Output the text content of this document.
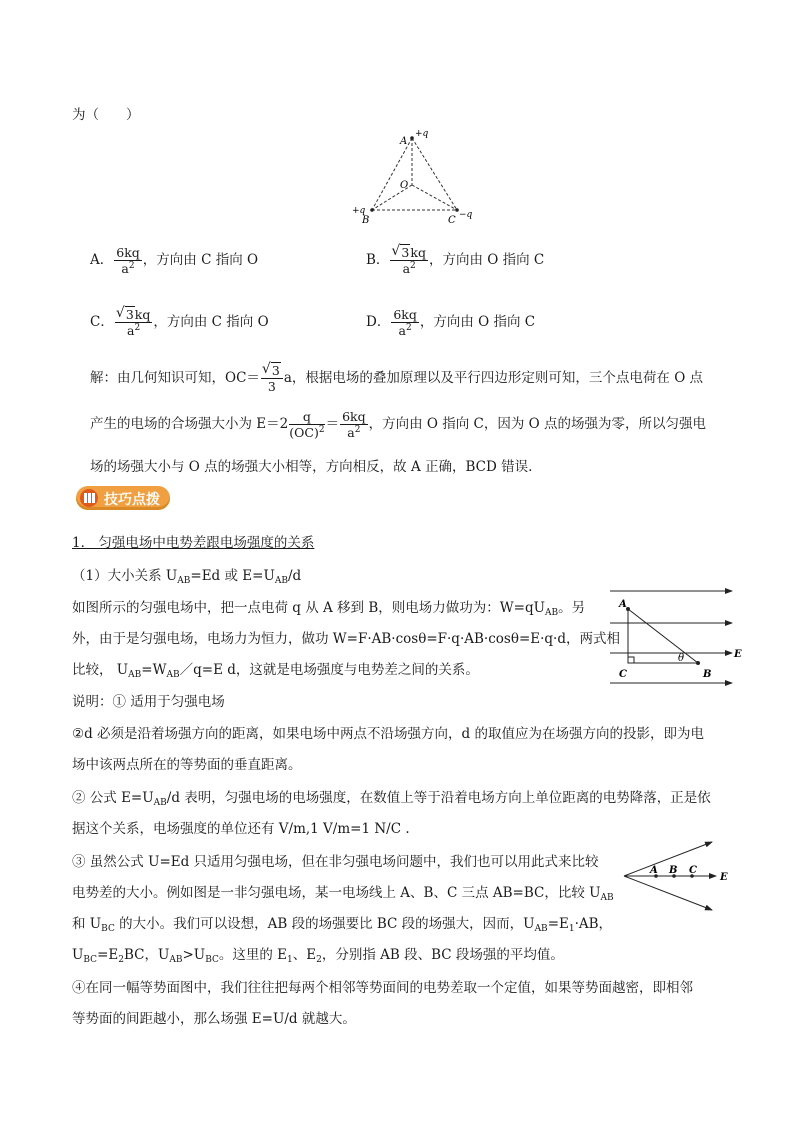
为（　　）
A
+q
O
B
+q
C −q
A． $\frac{6kq}{a^2}$ ，方向由 C 指向 O	B． √ $\frac{3kq}{a^2}$ ，方向由 O 指向 C
C． √ $\frac{3kq}{a^2}$ ，方向由 C 指向 O	D． $\frac{6kq}{a^2}$ ，方向由 O 指向 C
解：由几何知识可知，OC＝ √ $\frac{3}{3}$ a，根据电场的叠加原理以及平行四边形定则可知，三个点电荷在 O 点
产生的电场的合场强大小为 $E=2 \frac{q}{(OC)^2} = \frac{6kq}{a^2}$ ，方向由 O 指向 C，因为 O 点的场强为零，所以匀强电
场的场强大小与 O 点的场强大小相等，方向相反，故 A 正确，BCD 错误.
技巧点拨
1． 匀强电场中电势差跟电场强度的关系
（1）大小关系 $U_{AB}=Ed$ 或 $E=U_{AB}/d$
如图所示的匀强电场中，把一点电荷 q 从 A 移到 B，则电场力做功为：$W=qU_{AB}$。另
外，由于是匀强电场，电场力为恒力，做功 W=F·AB·cosθ=F·q·AB·cosθ=E·q·d，两式相
比较， $U_{AB}=W_{AB}/q=E$ d，这就是电场强度与电势差之间的关系。
A
C	B
θ	E
说明：① 适用于匀强电场
②d 必须是沿着场强方向的距离，如果电场中两点不沿场强方向，d 的取值应为在场强方向的投影，即为电
场中该两点所在的等势面的垂直距离。
② 公式 $E=U_{AB}/d$ 表明，匀强电场的电场强度，在数值上等于沿着电场方向上单位距离的电势降落，正是依
据这个关系，电场强度的单位还有 V/m,1 V/m=1 N/C .
③ 虽然公式 U=Ed 只适用匀强电场，但在非匀强电场问题中，我们也可以用此式来比较
电势差的大小。例如图是一非匀强电场，某一电场线上 A、B、C 三点 AB=BC，比较 $U_{AB}$
和 $U_{BC}$ 的大小。我们可以设想，AB 段的场强要比 BC 段的场强大，因而，$U_{AB}=E_1\cdot AB$，
$U_{BC}=E_2BC$，$U_{AB}>U_{BC}$。这里的 $E_1$、$E_2$，分别指 AB 段、BC 段场强的平均值。
A B C
E
④在同一幅等势面图中，我们往往把每两个相邻等势面间的电势差取一个定值，如果等势面越密，即相邻
等势面的间距越小，那么场强 E=U/d 就越大。
